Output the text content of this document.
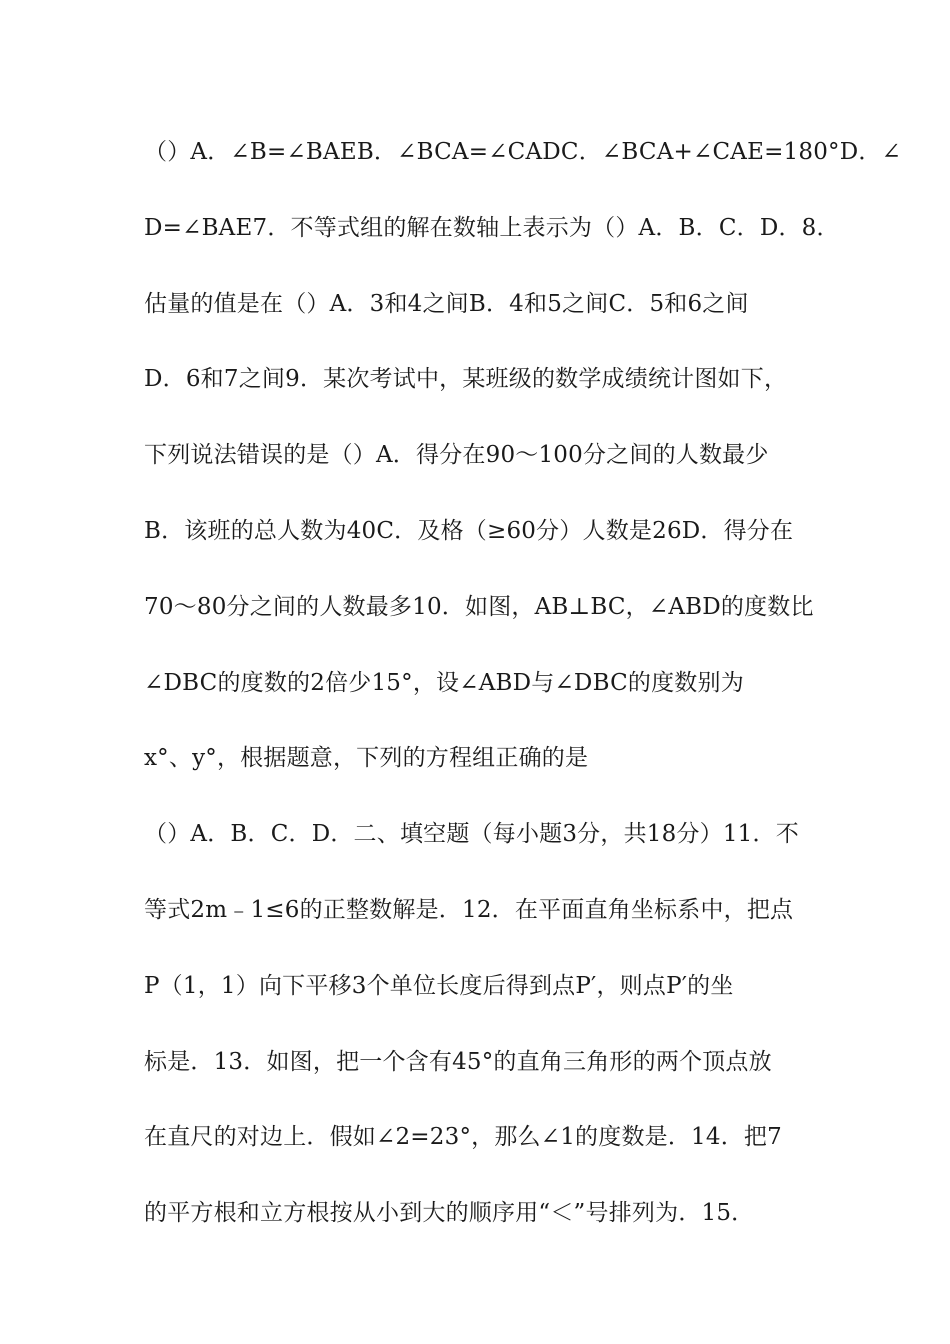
（）A．∠B=∠BAEB．∠BCA=∠CADC．∠BCA+∠CAE=180°D．∠
D=∠BAE7．不等式组的解在数轴上表示为（）A．B．C．D．8．
估量的值是在（）A．3和4之间B．4和5之间C．5和6之间
D．6和7之间9．某次考试中，某班级的数学成绩统计图如下，
下列说法错误的是（）A．得分在90～100分之间的人数最少
B．该班的总人数为40C．及格（≥60分）人数是26D．得分在
70～80分之间的人数最多10．如图，AB⊥BC，∠ABD的度数比
∠DBC的度数的2倍少15°，设∠ABD与∠DBC的度数别为
x°、y°，根据题意，下列的方程组正确的是
（）A．B．C．D．二、填空题（每小题3分，共18分）11．不
等式2m﹣1≤6的正整数解是．12．在平面直角坐标系中，把点
P（1，1）向下平移3个单位长度后得到点P′，则点P′的坐
标是．13．如图，把一个含有45°的直角三角形的两个顶点放
在直尺的对边上．假如∠2=23°，那么∠1的度数是．14．把7
的平方根和立方根按从小到大的顺序用“＜”号排列为．15．
